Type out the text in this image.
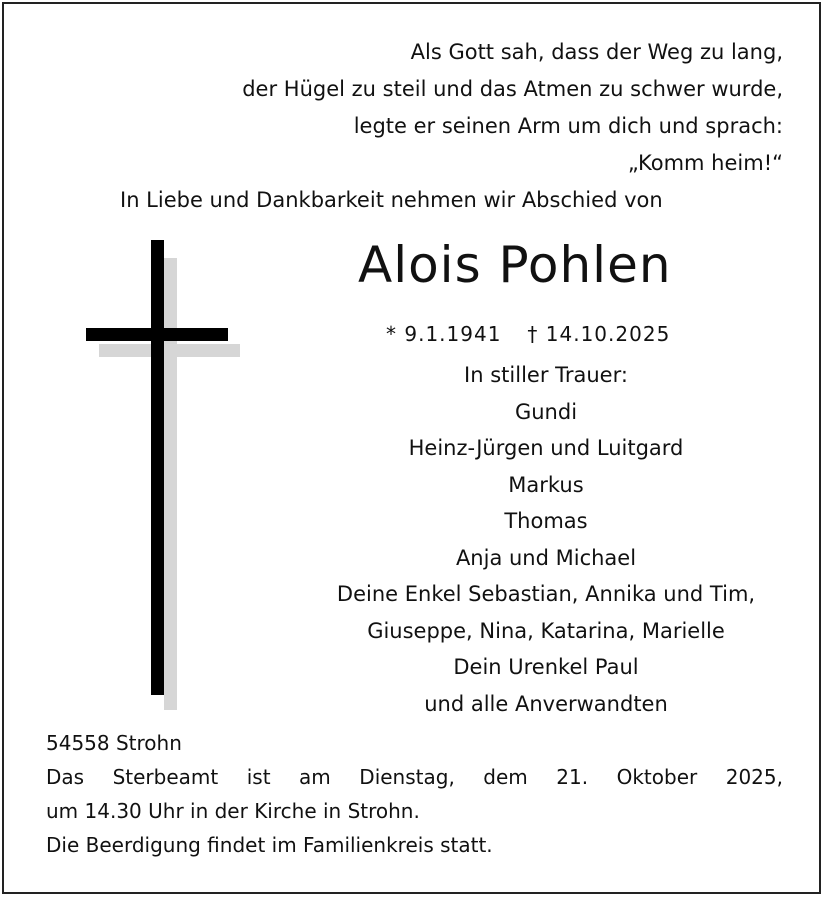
Als Gott sah, dass der Weg zu lang,
der Hügel zu steil und das Atmen zu schwer wurde,
legte er seinen Arm um dich und sprach:
„Komm heim!“
In Liebe und Dankbarkeit nehmen wir Abschied von
Alois Pohlen
* 9.1.1941 † 14.10.2025
In stiller Trauer:
Gundi
Heinz-Jürgen und Luitgard
Markus
Thomas
Anja und Michael
Deine Enkel Sebastian, Annika und Tim,
Giuseppe, Nina, Katarina, Marielle
Dein Urenkel Paul
und alle Anverwandten
54558 Strohn
Das Sterbeamt ist am Dienstag, dem 21. Oktober 2025,
um 14.30 Uhr in der Kirche in Strohn.
Die Beerdigung findet im Familienkreis statt.
